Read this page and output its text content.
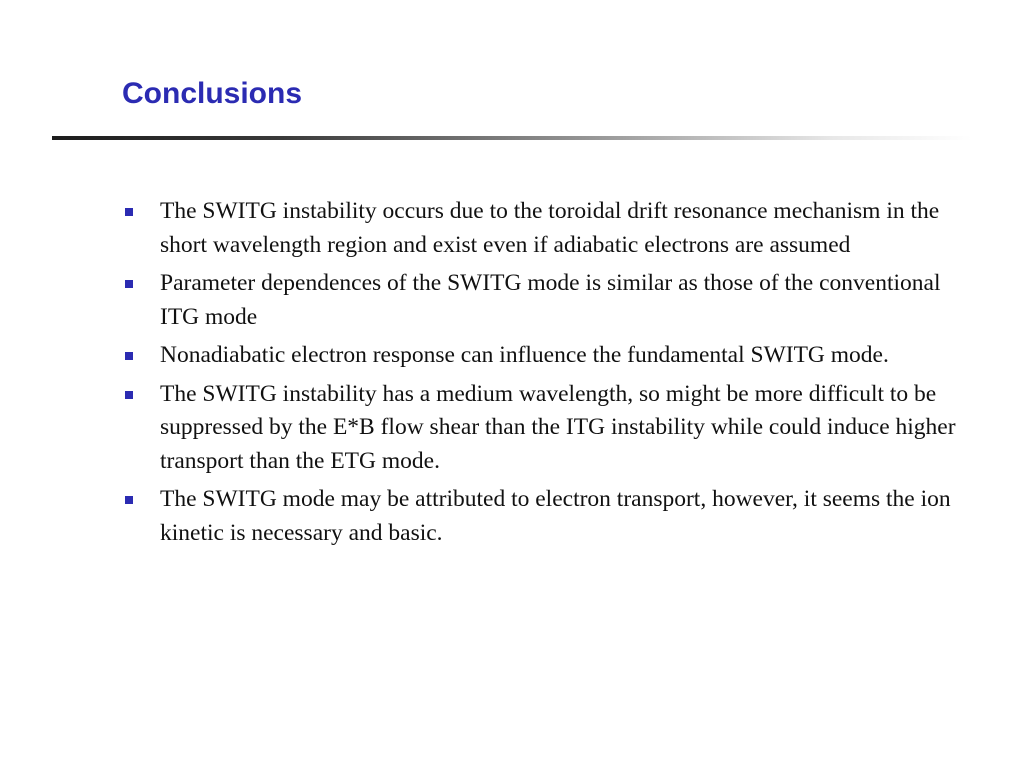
Conclusions
The SWITG instability occurs due to the toroidal drift resonance mechanism in the short wavelength region and exist even if adiabatic electrons are assumed
Parameter dependences of the SWITG mode is similar as those of the conventional ITG mode
Nonadiabatic electron response can influence the fundamental SWITG mode.
The SWITG instability has a medium wavelength, so might be more difficult to be suppressed by the E*B flow shear than the ITG instability while could induce higher transport than the ETG mode.
The SWITG mode may be attributed to electron transport, however, it seems the ion kinetic is necessary and basic.
